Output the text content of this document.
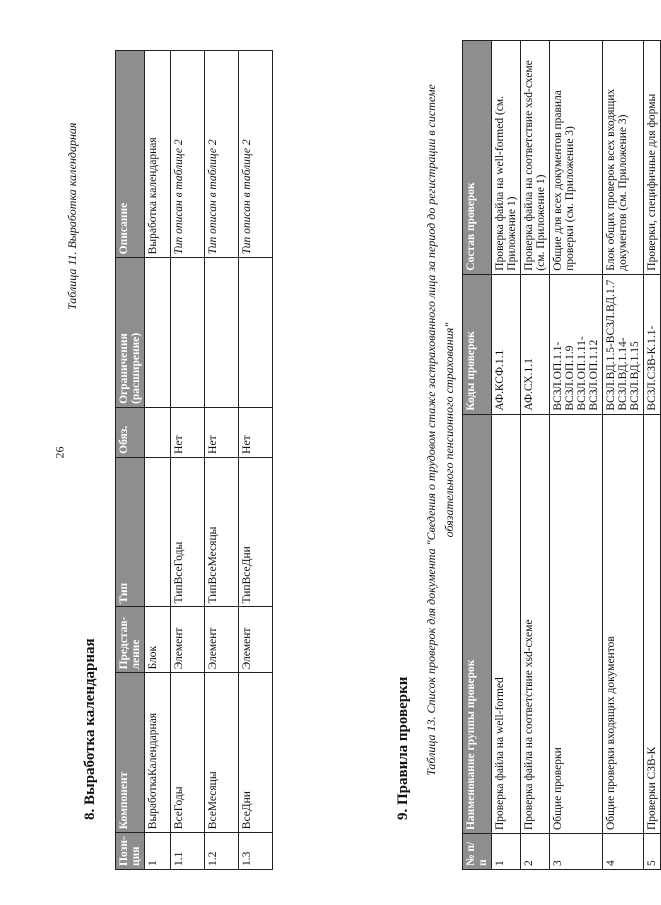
26
8. Выработка календарная
Таблица 11. Выработка календарная
Пози- ция	Компонент	Представ- ление	Тип	Обяз.	Ограничения (расширение)	Описание
1	ВыработкаКалендарная	Блок				Выработка календарная
1.1	ВсеГоды	Элемент	ТипВсеГоды	Нет		Тип описан в таблице 2
1.2	ВсеМесяцы	Элемент	ТипВсеМесяцы	Нет		Тип описан в таблице 2
1.3	ВсеДни	Элемент	ТипВсеДни	Нет		Тип описан в таблице 2
9. Правила проверки Таблица 13. Список проверок для документа "Сведения о трудовом стаже застрахованного лица за период до регистрации в системе обязательного пенсионного страхования"
№ п/п	Наименование группы проверок	Коды проверок	Состав проверок
1	Проверка файла на well-formed	АФ.КСФ.1.1	Проверка файла на well-formed (см. Приложение 1)
2	Проверка файла на соответствие xsd-схеме	АФ.СХ.1.1	Проверка файла на соответствие xsd-схеме (см. Приложение 1)
3	Общие проверки	ВСЗЛ.ОП.1.1-
ВСЗЛ.ОП.1.9
ВСЗЛ.ОП.1.11-
ВСЗЛ.ОП.1.12	Общие для всех документов правила проверки (см. Приложение 3)
4	Общие проверки входящих документов	ВСЗЛ.ВД.1.5-ВСЗЛ.ВД.1.7
ВСЗЛ.ВД.1.14-
ВСЗЛ.ВД.1.15	Блок общих проверок всех входящих документов (см. Приложение 3)
5	Проверки СЗВ-К	ВСЗЛ.СЗВ-К.1.1-	Проверки, специфичные для формы
